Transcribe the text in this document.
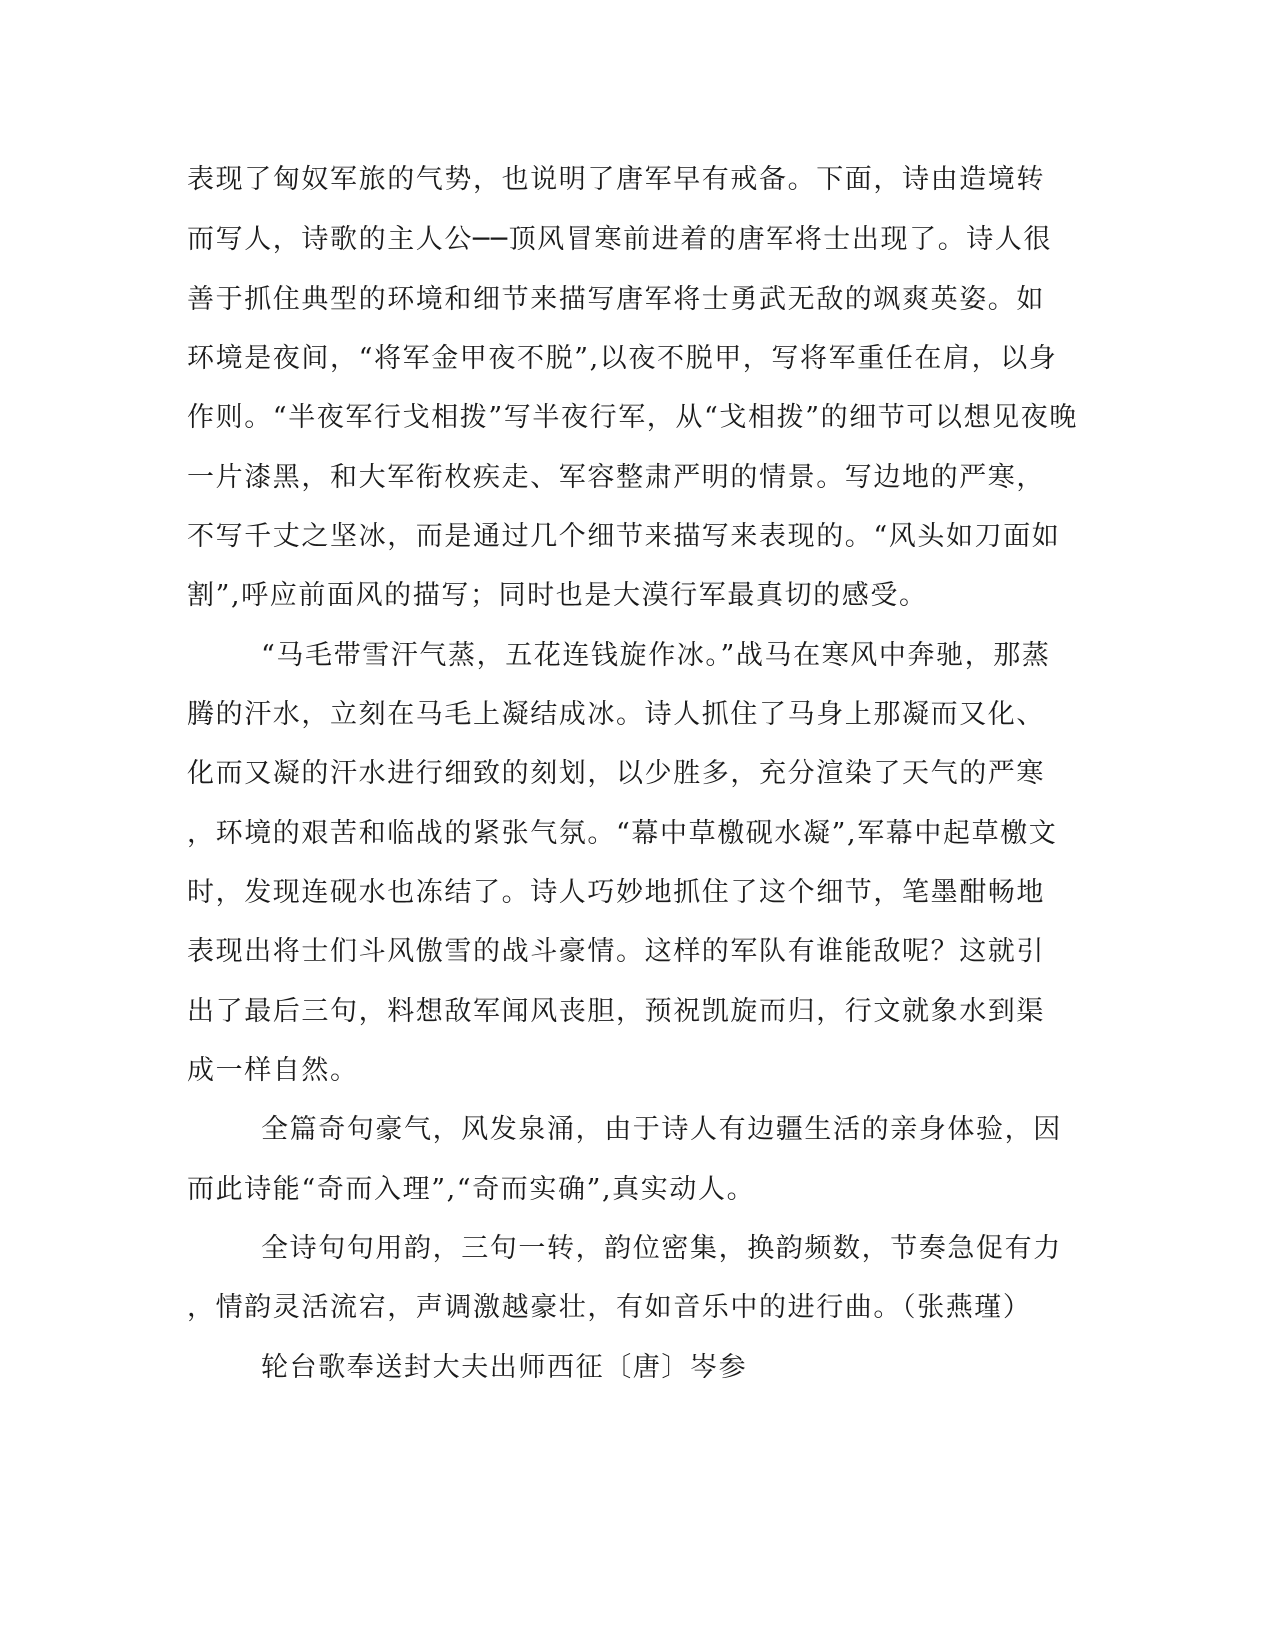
表现了匈奴军旅的气势，也说明了唐军早有戒备。下面，诗由造境转
而写人，诗歌的主人公──顶风冒寒前进着的唐军将士出现了。诗人很
善于抓住典型的环境和细节来描写唐军将士勇武无敌的飒爽英姿。如
环境是夜间，“将军金甲夜不脱”,以夜不脱甲，写将军重任在肩，以身
作则。“半夜军行戈相拨”写半夜行军，从“戈相拨”的细节可以想见夜晚
一片漆黑，和大军衔枚疾走、军容整肃严明的情景。写边地的严寒，
不写千丈之坚冰，而是通过几个细节来描写来表现的。“风头如刀面如
割”,呼应前面风的描写；同时也是大漠行军最真切的感受。
“马毛带雪汗气蒸，五花连钱旋作冰。”战马在寒风中奔驰，那蒸
腾的汗水，立刻在马毛上凝结成冰。诗人抓住了马身上那凝而又化、
化而又凝的汗水进行细致的刻划，以少胜多，充分渲染了天气的严寒
，环境的艰苦和临战的紧张气氛。“幕中草檄砚水凝”,军幕中起草檄文
时，发现连砚水也冻结了。诗人巧妙地抓住了这个细节，笔墨酣畅地
表现出将士们斗风傲雪的战斗豪情。这样的军队有谁能敌呢？这就引
出了最后三句，料想敌军闻风丧胆，预祝凯旋而归，行文就象水到渠
成一样自然。
全篇奇句豪气，风发泉涌，由于诗人有边疆生活的亲身体验，因
而此诗能“奇而入理”,“奇而实确”,真实动人。
全诗句句用韵，三句一转，韵位密集，换韵频数，节奏急促有力
，情韵灵活流宕，声调激越豪壮，有如音乐中的进行曲。（张燕瑾）
轮台歌奉送封大夫出师西征〔唐〕岑参
